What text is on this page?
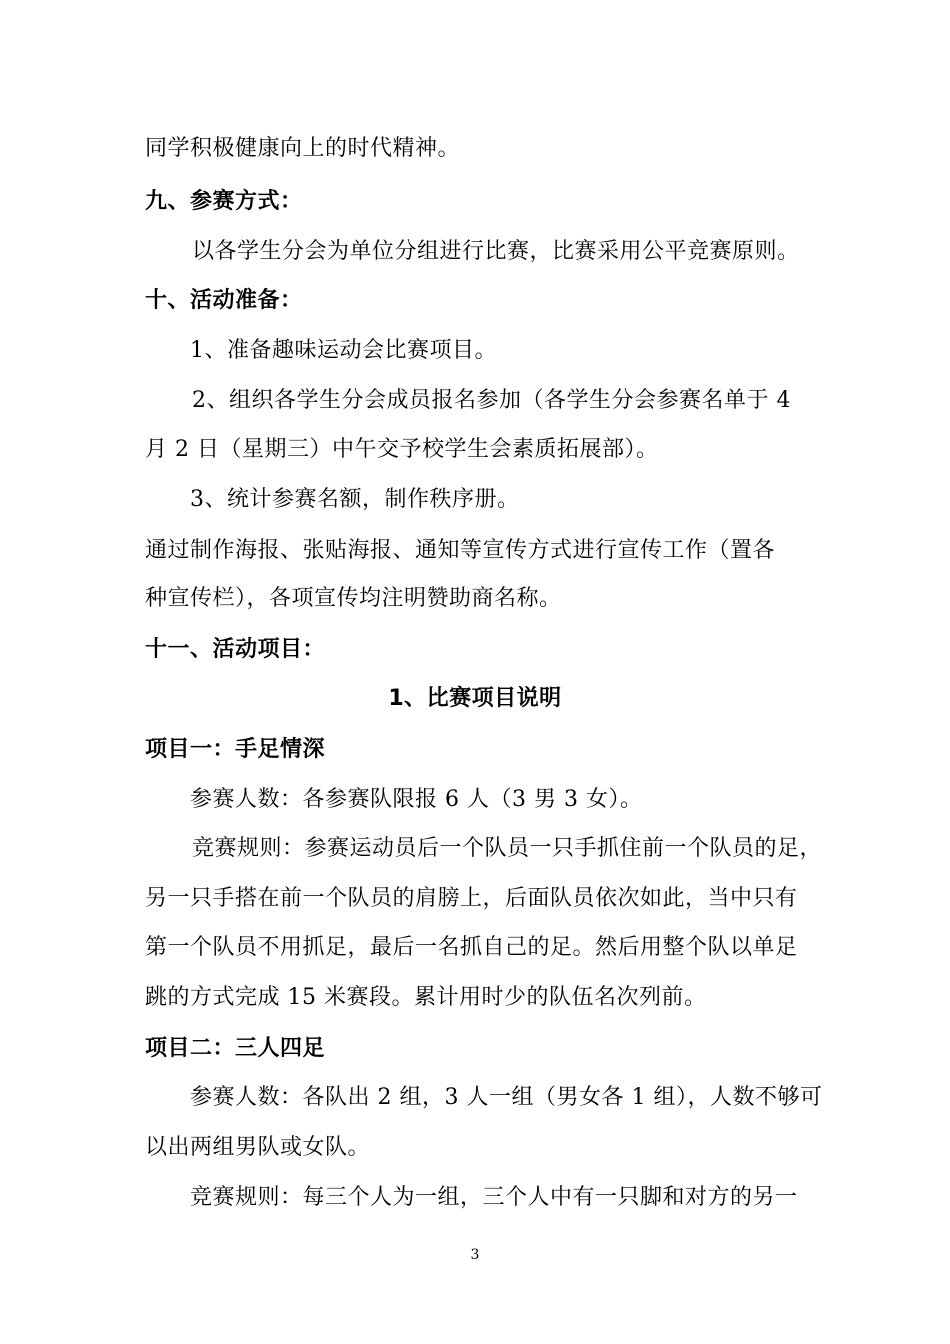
同学积极健康向上的时代精神。
九、参赛方式：
以各学生分会为单位分组进行比赛，比赛采用公平竞赛原则。
十、活动准备：
1、准备趣味运动会比赛项目。
2、组织各学生分会成员报名参加（各学生分会参赛名单于 4
月 2 日（星期三）中午交予校学生会素质拓展部）。
3、统计参赛名额，制作秩序册。
通过制作海报、张贴海报、通知等宣传方式进行宣传工作（置各
种宣传栏），各项宣传均注明赞助商名称。
十一、活动项目：
1、比赛项目说明
项目一：手足情深
参赛人数：各参赛队限报 6 人（3 男 3 女）。
竞赛规则：参赛运动员后一个队员一只手抓住前一个队员的足，
另一只手搭在前一个队员的肩膀上，后面队员依次如此，当中只有
第一个队员不用抓足，最后一名抓自己的足。然后用整个队以单足
跳的方式完成 15 米赛段。累计用时少的队伍名次列前。
项目二：三人四足
参赛人数：各队出 2 组，3 人一组（男女各 1 组），人数不够可
以出两组男队或女队。
竞赛规则：每三个人为一组，三个人中有一只脚和对方的另一
3
